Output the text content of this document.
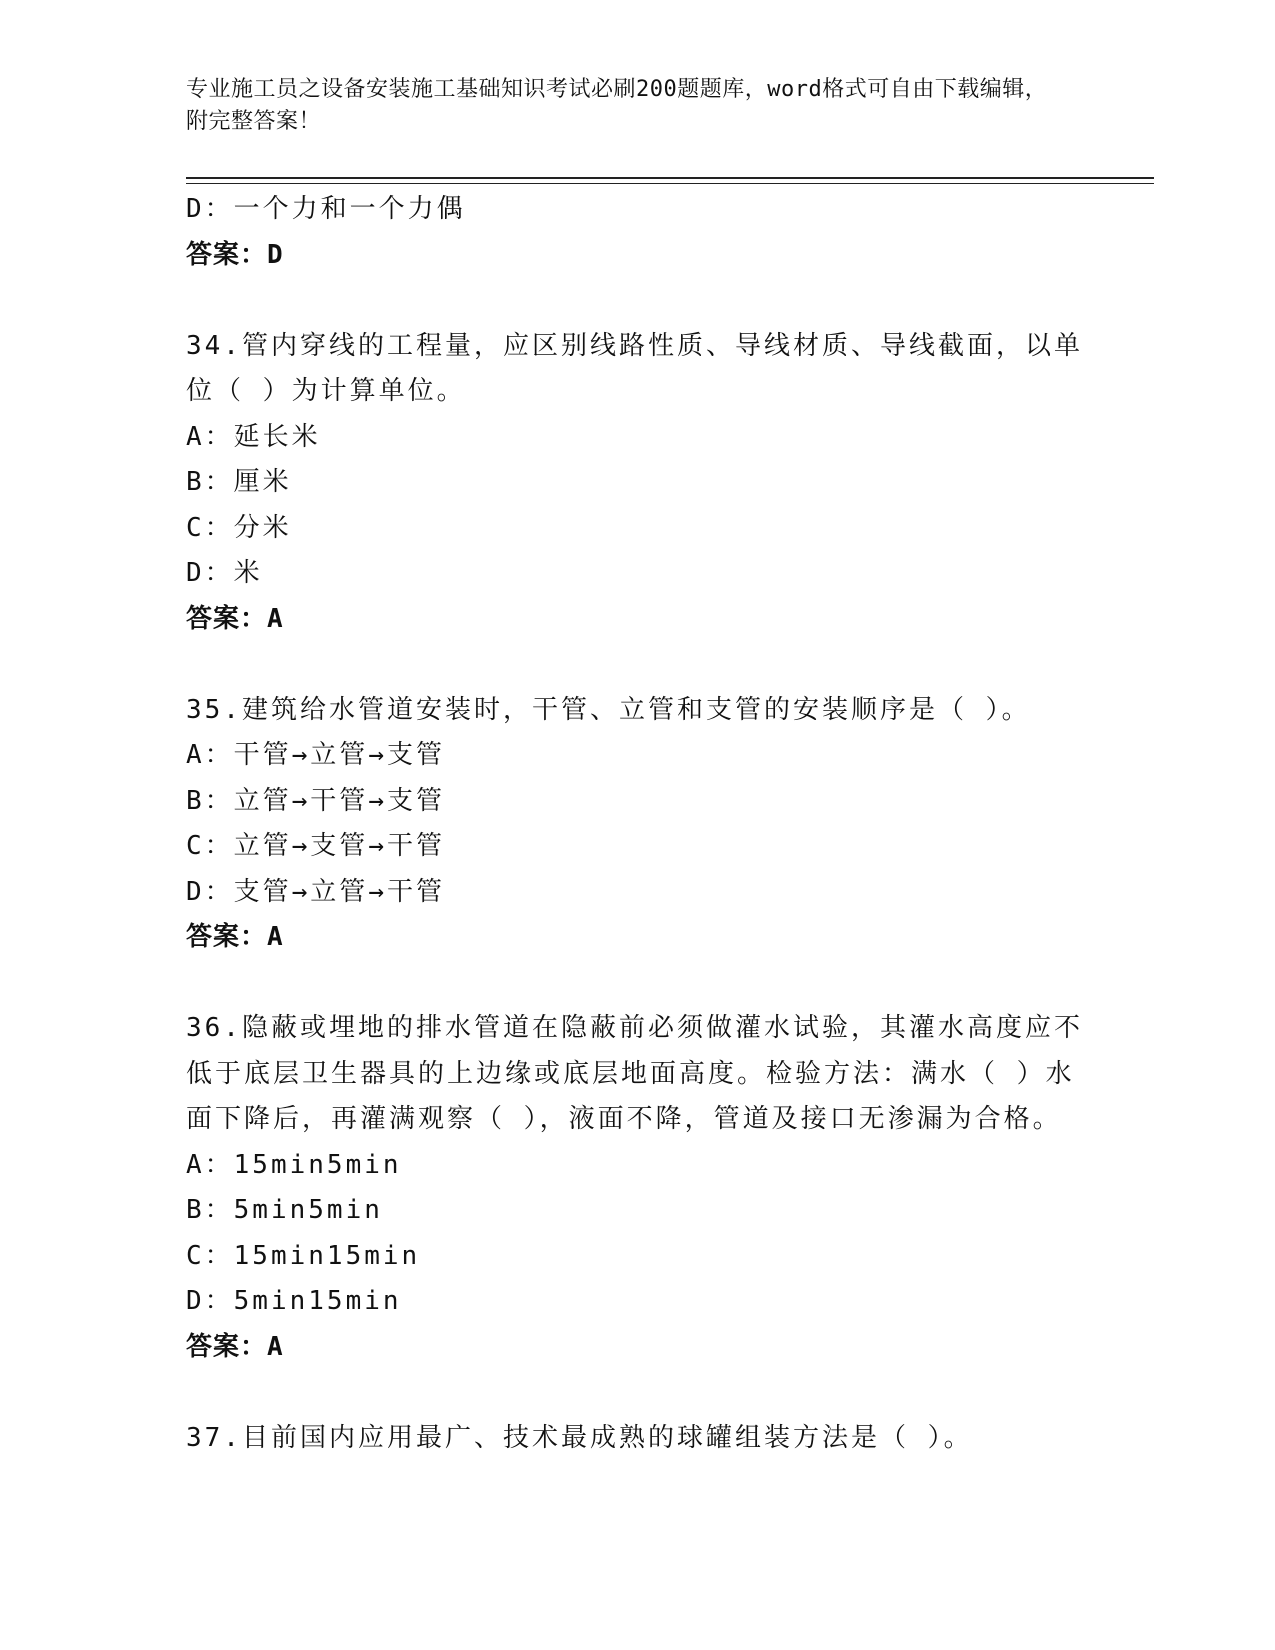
专业施工员之设备安装施工基础知识考试必刷200题题库，word格式可自由下载编辑，附完整答案！
D：一个力和一个力偶
答案：D
34.管内穿线的工程量，应区别线路性质、导线材质、导线截面，以单位（ ）为计算单位。
A：延长米
B：厘米
C：分米
D：米
答案：A
35.建筑给水管道安装时，干管、立管和支管的安装顺序是（ ）。
A：干管→立管→支管
B：立管→干管→支管
C：立管→支管→干管
D：支管→立管→干管
答案：A
36.隐蔽或埋地的排水管道在隐蔽前必须做灌水试验，其灌水高度应不低于底层卫生器具的上边缘或底层地面高度。检验方法：满水（ ）水面下降后，再灌满观察（ ），液面不降，管道及接口无渗漏为合格。
A：15min5min
B：5min5min
C：15min15min
D：5min15min
答案：A
37.目前国内应用最广、技术最成熟的球罐组装方法是（ ）。
